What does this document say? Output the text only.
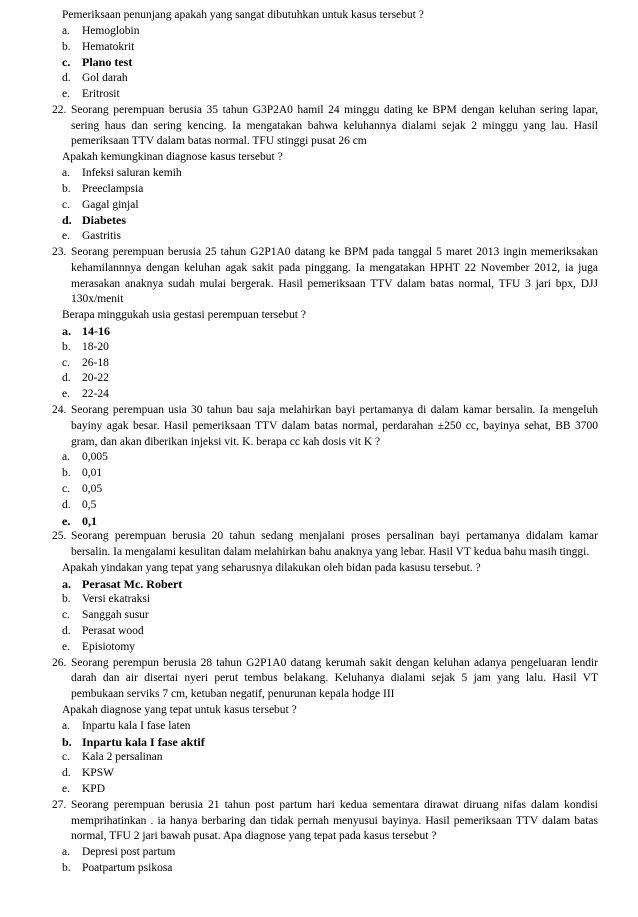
Pemeriksaan penunjang apakah yang sangat dibutuhkan untuk kasus tersebut ?
a.	Hemoglobin
b. Hematokrit
c. Plano test
d. Gol darah
e.	Eritrosit
22. Seorang perempuan berusia 35 tahun G3P2A0 hamil 24 minggu dating ke BPM dengan keluhan sering lapar, sering haus dan sering kencing. Ia mengatakan bahwa keluhannya dialami sejak 2 minggu yang lau. Hasil pemeriksaan TTV dalam batas normal. TFU stinggi pusat 26 cm
Apakah kemungkinan diagnose kasus tersebut ?
a.	Infeksi saluran kemih
b. Preeclampsia
c.	Gagal ginjal
d. Diabetes
e.	Gastritis
23. Seorang perempuan berusia 25 tahun G2P1A0 datang ke BPM pada tanggal 5 maret 2013 ingin memeriksakan kehamilannnya dengan keluhan agak sakit pada pinggang. Ia mengatakan HPHT 22 November 2012, ia juga merasakan anaknya sudah mulai bergerak. Hasil pemeriksaan TTV dalam batas normal, TFU 3 jari bpx, DJJ 130x/menit
Berapa minggukah usia gestasi perempuan tersebut ?
a. 14-16
b. 18-20
c.	26-18
d. 20-22
e.	22-24
24. Seorang perempuan usia 30 tahun bau saja melahirkan bayi pertamanya di dalam kamar bersalin. Ia mengeluh bayiny agak besar. Hasil pemeriksaan TTV dalam batas normal, perdarahan ±250 cc, bayinya sehat, BB 3700 gram, dan akan diberikan injeksi vit. K. berapa cc kah dosis vit K ?
a.	0,005
b. 0,01
c.	0,05
d. 0,5
e. 0,1
25. Seorang perempuan berusia 20 tahun sedang menjalani proses persalinan bayi pertamanya didalam kamar bersalin. Ia mengalami kesulitan dalam melahirkan bahu anaknya yang lebar. Hasil VT kedua bahu masih tinggi.
Apakah yindakan yang tepat yang seharusnya dilakukan oleh bidan pada kasusu tersebut. ?
a. Perasat Mc. Robert
b. Versi ekatraksi
c.	Sanggah susur
d. Perasat wood
e.	Episiotomy
26. Seorang perempun berusia 28 tahun G2P1A0 datang kerumah sakit dengan keluhan adanya pengeluaran lendir darah dan air disertai nyeri perut tembus belakang. Keluhanya dialami sejak 5 jam yang lalu. Hasil VT pembukaan serviks 7 cm, ketuban negatif, penurunan kepala hodge III
Apakah diagnose yang tepat untuk kasus tersebut ?
a.	Inpartu kala I fase laten
b. Inpartu kala I fase aktif
c.	Kala 2 persalinan
d. KPSW
e.	KPD
27. Seorang perempuan berusia 21 tahun post partum hari kedua sementara dirawat diruang nifas dalam kondisi memprihatinkan . ia hanya berbaring dan tidak pernah menyusui bayinya. Hasil pemeriksaan TTV dalam batas normal, TFU 2 jari bawah pusat. Apa diagnose yang tepat pada kasus tersebut ?
a.	Depresi post partum
b. Poatpartum psikosa
